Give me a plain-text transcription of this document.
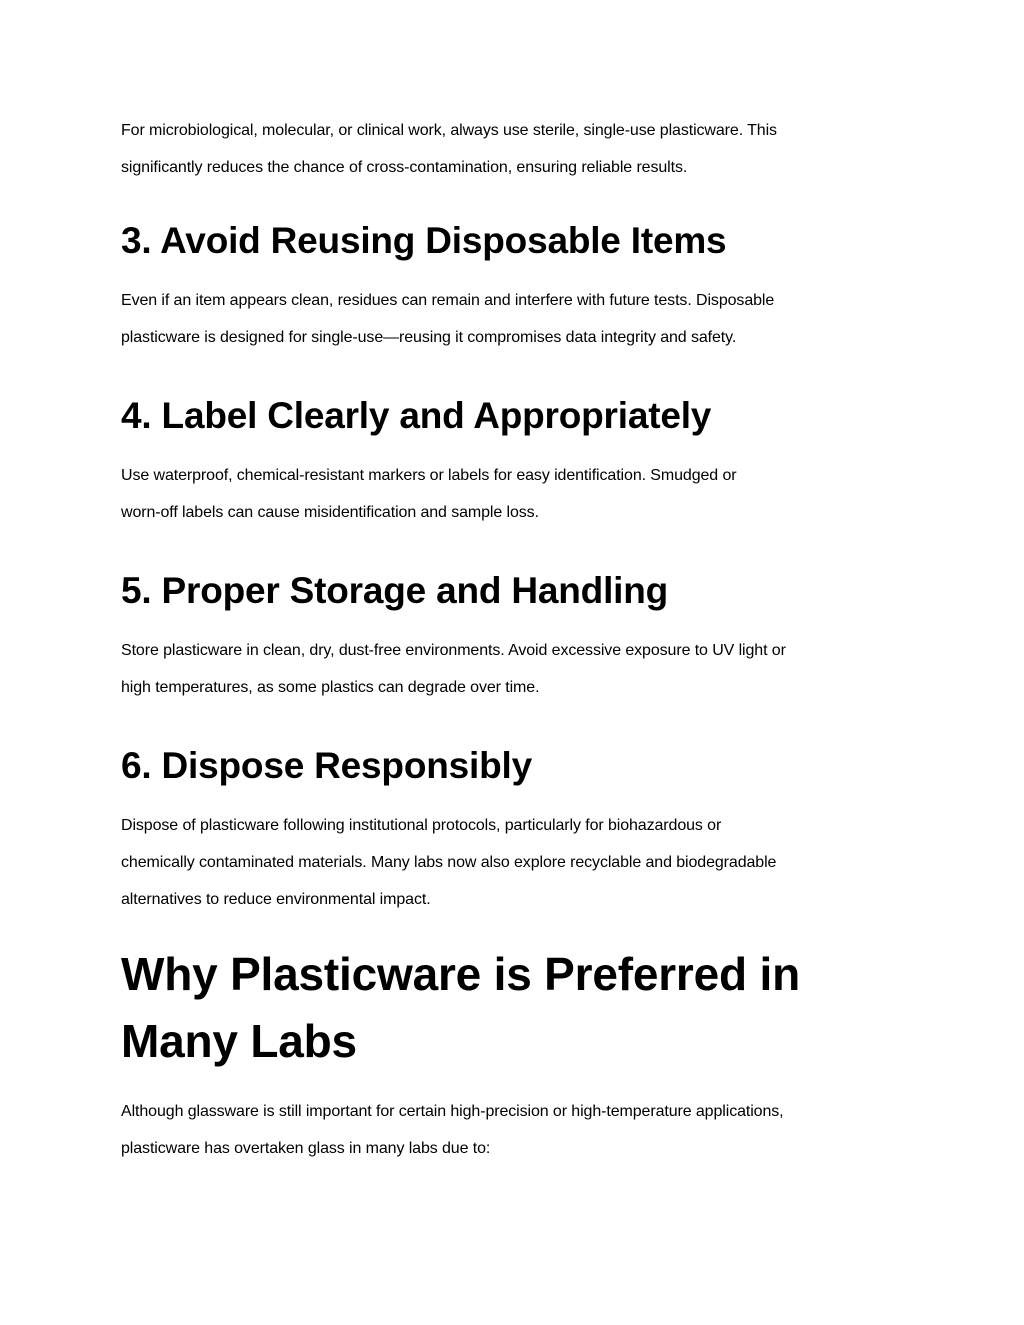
For microbiological, molecular, or clinical work, always use sterile, single-use plasticware. This
significantly reduces the chance of cross-contamination, ensuring reliable results.

3. Avoid Reusing Disposable Items

Even if an item appears clean, residues can remain and interfere with future tests. Disposable
plasticware is designed for single-use—reusing it compromises data integrity and safety.

4. Label Clearly and Appropriately

Use waterproof, chemical-resistant markers or labels for easy identification. Smudged or
worn-off labels can cause misidentification and sample loss.

5. Proper Storage and Handling

Store plasticware in clean, dry, dust-free environments. Avoid excessive exposure to UV light or
high temperatures, as some plastics can degrade over time.

6. Dispose Responsibly

Dispose of plasticware following institutional protocols, particularly for biohazardous or
chemically contaminated materials. Many labs now also explore recyclable and biodegradable
alternatives to reduce environmental impact.

Why Plasticware is Preferred in
Many Labs

Although glassware is still important for certain high-precision or high-temperature applications,
plasticware has overtaken glass in many labs due to:
